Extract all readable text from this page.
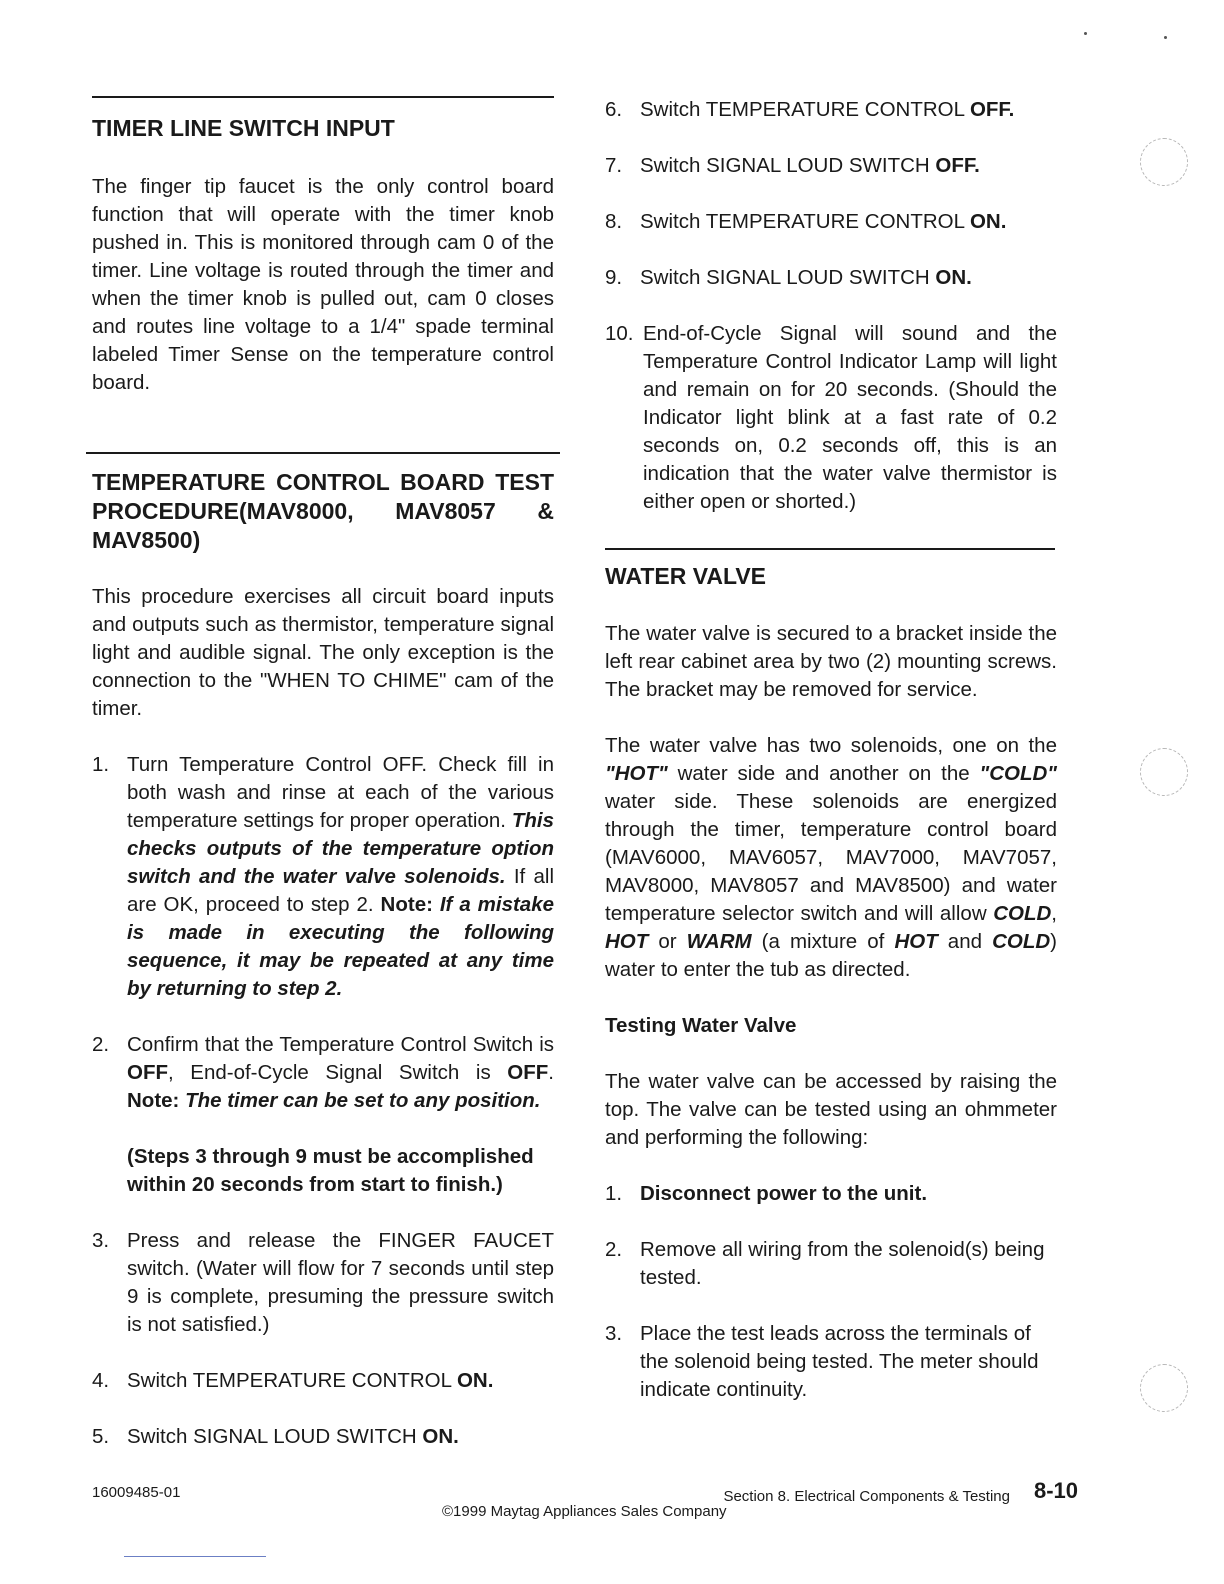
TIMER LINE SWITCH INPUT

The finger tip faucet is the only control board function that will operate with the timer knob pushed in. This is monitored through cam 0 of the timer. Line voltage is routed through the timer and when the timer knob is pulled out, cam 0 closes and routes line voltage to a 1/4" spade terminal labeled Timer Sense on the temperature control board.

TEMPERATURE CONTROL BOARD TEST PROCEDURE(MAV8000, MAV8057 & MAV8500)

This procedure exercises all circuit board inputs and outputs such as thermistor, temperature signal light and audible signal. The only exception is the connection to the "WHEN TO CHIME" cam of the timer.

1. Turn Temperature Control OFF. Check fill in both wash and rinse at each of the various temperature settings for proper operation. This checks outputs of the temperature option switch and the water valve solenoids. If all are OK, proceed to step 2. Note: If a mistake is made in executing the following sequence, it may be repeated at any time by returning to step 2.
2. Confirm that the Temperature Control Switch is OFF, End-of-Cycle Signal Switch is OFF. Note: The timer can be set to any position.
(Steps 3 through 9 must be accomplished within 20 seconds from start to finish.)
3. Press and release the FINGER FAUCET switch. (Water will flow for 7 seconds until step 9 is complete, presuming the pressure switch is not satisfied.)
4. Switch TEMPERATURE CONTROL ON.
5. Switch SIGNAL LOUD SWITCH ON.
6. Switch TEMPERATURE CONTROL OFF.
7. Switch SIGNAL LOUD SWITCH OFF.
8. Switch TEMPERATURE CONTROL ON.
9. Switch SIGNAL LOUD SWITCH ON.
10. End-of-Cycle Signal will sound and the Temperature Control Indicator Lamp will light and remain on for 20 seconds. (Should the Indicator light blink at a fast rate of 0.2 seconds on, 0.2 seconds off, this is an indication that the water valve thermistor is either open or shorted.)
WATER VALVE

The water valve is secured to a bracket inside the left rear cabinet area by two (2) mounting screws. The bracket may be removed for service.

The water valve has two solenoids, one on the "HOT" water side and another on the "COLD" water side. These solenoids are energized through the timer, temperature control board (MAV6000, MAV6057, MAV7000, MAV7057, MAV8000, MAV8057 and MAV8500) and water temperature selector switch and will allow COLD, HOT or WARM (a mixture of HOT and COLD) water to enter the tub as directed.

Testing Water Valve

The water valve can be accessed by raising the top. The valve can be tested using an ohmmeter and performing the following:

1. Disconnect power to the unit.
2. Remove all wiring from the solenoid(s) being tested.
3. Place the test leads across the terminals of the solenoid being tested. The meter should indicate continuity.
16009485-01	Section 8. Electrical Components & Testing
©1999 Maytag Appliances Sales Company
8-10
